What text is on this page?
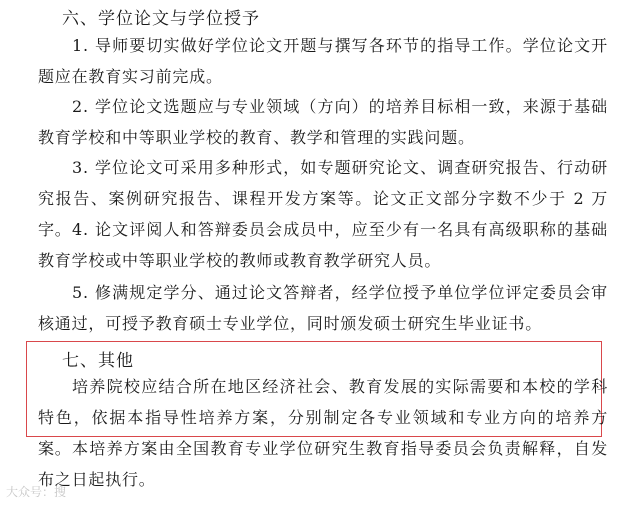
六、学位论文与学位授予
1. 导师要切实做好学位论文开题与撰写各环节的指导工作。学位论文开题应在教育实习前完成。
2. 学位论文选题应与专业领域（方向）的培养目标相一致，来源于基础教育学校和中等职业学校的教育、教学和管理的实践问题。
3. 学位论文可采用多种形式，如专题研究论文、调查研究报告、行动研究报告、案例研究报告、课程开发方案等。论文正文部分字数不少于 2 万字。 4. 论文评阅人和答辩委员会成员中，应至少有一名具有高级职称的基础教育学校或中等职业学校的教师或教育教学研究人员。
5. 修满规定学分、通过论文答辩者，经学位授予单位学位评定委员会审核通过，可授予教育硕士专业学位，同时颁发硕士研究生毕业证书。
七、其他
培养院校应结合所在地区经济社会、教育发展的实际需要和本校的学科特色，依据本指导性培养方案，分别制定各专业领域和专业方向的培养方案。 本培养方案由全国教育专业学位研究生教育指导委员会负责解释，自发布之日起执行。
大众号：搜
